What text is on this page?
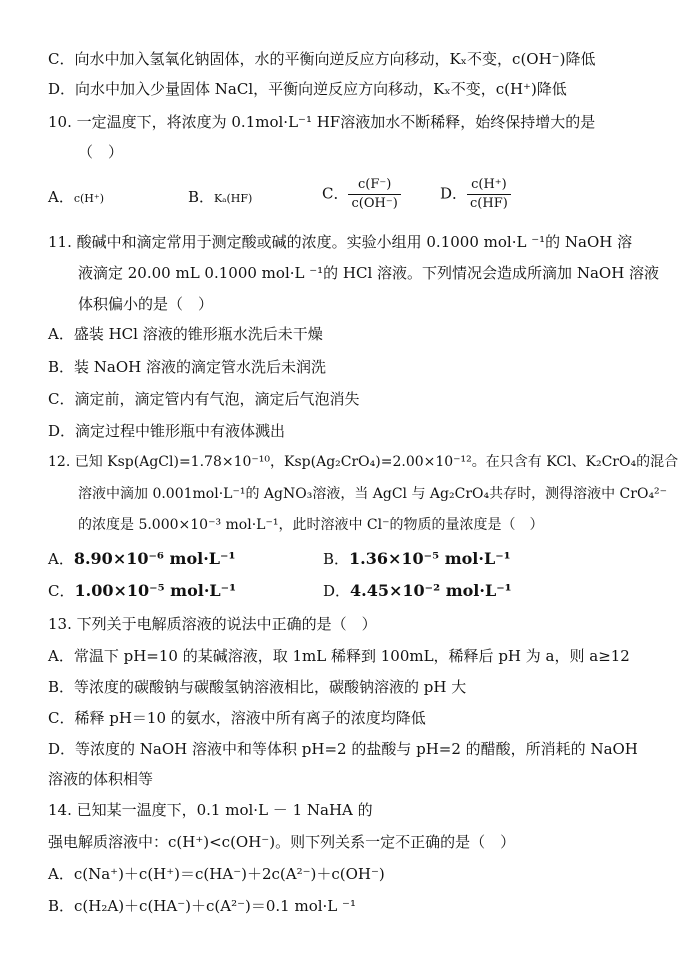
C．向水中加入氢氧化钠固体，水的平衡向逆反应方向移动，Kₓ不变，c(OH⁻)降低
D．向水中加入少量固体 NaCl，平衡向逆反应方向移动，Kₓ不变，c(H⁺)降低
10. 一定温度下，将浓度为 0.1mol·L⁻¹ HF溶液加水不断稀释，始终保持增大的是
（　）
A．c(H⁺)	B．Kₐ(HF)	C． $\frac{c(F^-)}{c(OH^-)}$	D． $\frac{c(H^+)}{c(HF)}$
11. 酸碱中和滴定常用于测定酸或碱的浓度。实验小组用 0.1000 mol·L ⁻¹的 NaOH 溶
液滴定 20.00 mL 0.1000 mol·L ⁻¹的 HCl 溶液。下列情况会造成所滴加 NaOH 溶液
体积偏小的是（　）
A．盛装 HCl 溶液的锥形瓶水洗后未干燥
B．装 NaOH 溶液的滴定管水洗后未润洗
C．滴定前，滴定管内有气泡，滴定后气泡消失
D．滴定过程中锥形瓶中有液体溅出
12. 已知 Ksp(AgCl)=1.78×10⁻¹⁰，Ksp(Ag₂CrO₄)=2.00×10⁻¹²。在只含有 KCl、K₂CrO₄的混合
溶液中滴加 0.001mol·L⁻¹的 AgNO₃溶液，当 AgCl 与 Ag₂CrO₄共存时，测得溶液中 CrO₄²⁻
的浓度是 5.000×10⁻³ mol·L⁻¹，此时溶液中 Cl⁻的物质的量浓度是（　）
A．8.90×10⁻⁶ mol·L⁻¹	B．1.36×10⁻⁵ mol·L⁻¹
C．1.00×10⁻⁵ mol·L⁻¹	D．4.45×10⁻² mol·L⁻¹
13. 下列关于电解质溶液的说法中正确的是（　）
A．常温下 pH=10 的某碱溶液，取 1mL 稀释到 100mL，稀释后 pH 为 a，则 a≥12
B．等浓度的碳酸钠与碳酸氢钠溶液相比，碳酸钠溶液的 pH 大
C．稀释 pH＝10 的氨水，溶液中所有离子的浓度均降低
D．等浓度的 NaOH 溶液中和等体积 pH=2 的盐酸与 pH=2 的醋酸，所消耗的 NaOH
溶液的体积相等
14. 已知某一温度下，0.1 mol·L － 1 NaHA 的
强电解质溶液中：c(H⁺)<c(OH⁻)。则下列关系一定不正确的是（　）
A．c(Na⁺)＋c(H⁺)＝c(HA⁻)＋2c(A²⁻)＋c(OH⁻)
B．c(H₂A)＋c(HA⁻)＋c(A²⁻)＝0.1 mol·L ⁻¹
